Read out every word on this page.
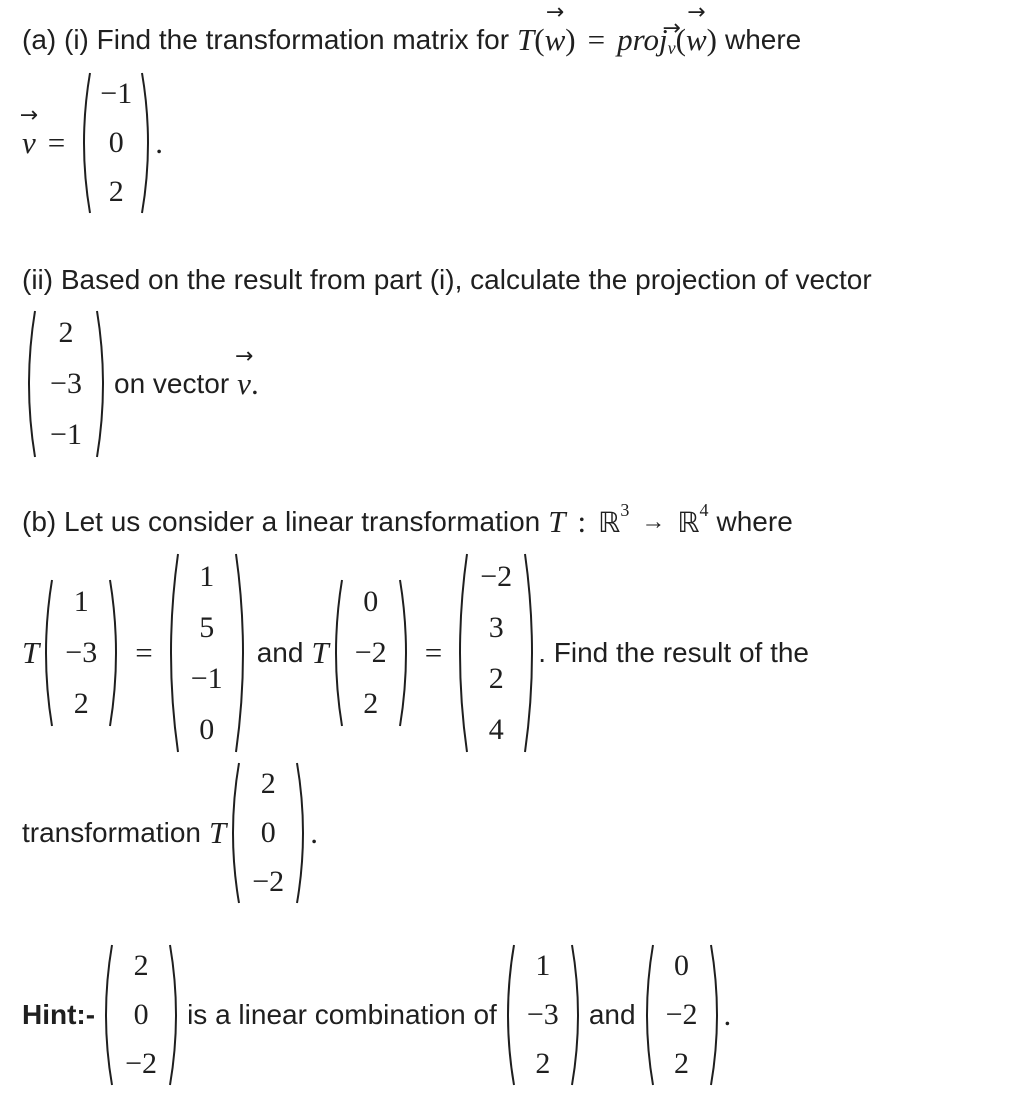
(a) (i) Find the transformation matrix for T ( → w ) = proj → v ( → w ) where
→ v =
−1
0
2
.
(ii) Based on the result from part (i), calculate the projection of vector
2
−3
−1
on vector → v .
(b) Let us consider a linear transformation T : ℝ 3 → ℝ 4 where
T
1
−3
2
=
1
5
−1
0
and T
0
−2
2
=
−2
3
2
4
. Find the result of the
transformation T
2
0
−2
.
Hint:-
2
0
−2
is a linear combination of
1
−3
2
and
0
−2
2
.
